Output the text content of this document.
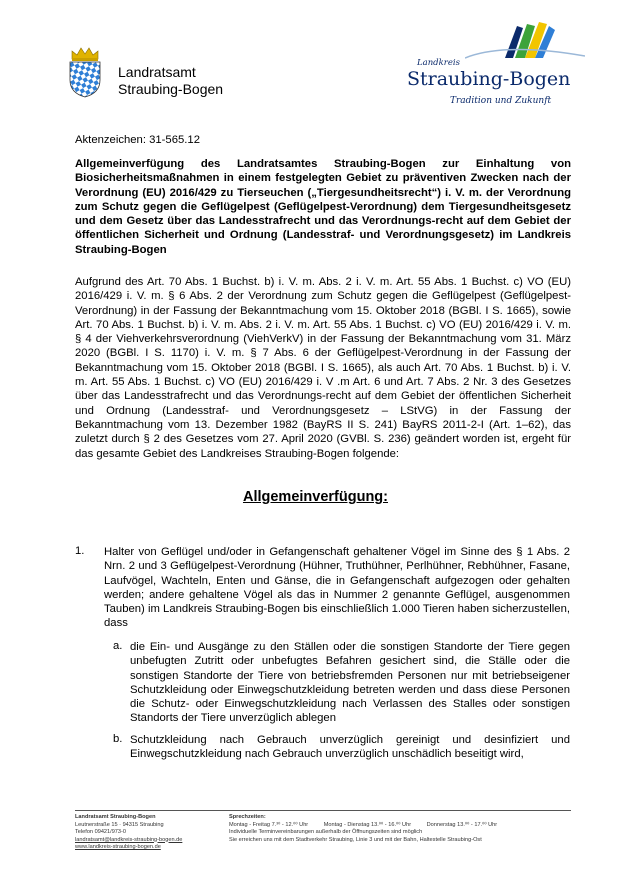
Landratsamt
Straubing-Bogen
Landkreis
Straubing-Bogen
Tradition und Zukunft
Aktenzeichen: 31-565.12
Allgemeinverfügung des Landratsamtes Straubing-Bogen zur Einhaltung von Biosicherheitsmaßnahmen in einem festgelegten Gebiet zu präventiven Zwecken nach der Verordnung (EU) 2016/429 zu Tierseuchen („Tiergesundheitsrecht“) i. V. m. der Verordnung zum Schutz gegen die Geflügelpest (Geflügelpest-Verordnung) dem Tiergesundheitsgesetz und dem Gesetz über das Landesstrafrecht und das Verordnungs-recht auf dem Gebiet der öffentlichen Sicherheit und Ordnung (Landesstraf- und Verordnungsgesetz) im Landkreis Straubing-Bogen
Aufgrund des Art. 70 Abs. 1 Buchst. b) i. V. m. Abs. 2 i. V. m. Art. 55 Abs. 1 Buchst. c) VO (EU) 2016/429 i. V. m. § 6 Abs. 2 der Verordnung zum Schutz gegen die Geflügelpest (Geflügelpest-Verordnung) in der Fassung der Bekanntmachung vom 15. Oktober 2018 (BGBl. I S. 1665), sowie Art. 70 Abs. 1 Buchst. b) i. V. m. Abs. 2 i. V. m. Art. 55 Abs. 1 Buchst. c) VO (EU) 2016/429 i. V. m. § 4 der Viehverkehrsverordnung (ViehVerkV) in der Fassung der Bekanntmachung vom 31. März 2020 (BGBl. I S. 1170) i. V. m. § 7 Abs. 6 der Geflügelpest-Verordnung in der Fassung der Bekanntmachung vom 15. Oktober 2018 (BGBl. I S. 1665), als auch Art. 70 Abs. 1 Buchst. b) i. V. m. Art. 55 Abs. 1 Buchst. c) VO (EU) 2016/429 i. V .m Art. 6 und Art. 7 Abs. 2 Nr. 3 des Gesetzes über das Landesstrafrecht und das Verordnungs-recht auf dem Gebiet der öffentlichen Sicherheit und Ordnung (Landesstraf- und Verordnungsgesetz – LStVG) in der Fassung der Bekanntmachung vom 13. Dezember 1982 (BayRS II S. 241) BayRS 2011-2-I (Art. 1–62), das zuletzt durch § 2 des Gesetzes vom 27. April 2020 (GVBl. S. 236) geändert worden ist, ergeht für das gesamte Gebiet des Landkreises Straubing-Bogen folgende:
Allgemeinverfügung:
1. Halter von Geflügel und/oder in Gefangenschaft gehaltener Vögel im Sinne des § 1 Abs. 2 Nrn. 2 und 3 Geflügelpest-Verordnung (Hühner, Truthühner, Perlhühner, Rebhühner, Fasane, Laufvögel, Wachteln, Enten und Gänse, die in Gefangenschaft aufgezogen oder gehalten werden; andere gehaltene Vögel als das in Nummer 2 genannte Geflügel, ausgenommen Tauben) im Landkreis Straubing-Bogen bis einschließlich 1.000 Tieren haben sicherzustellen, dass
a. die Ein- und Ausgänge zu den Ställen oder die sonstigen Standorte der Tiere gegen unbefugten Zutritt oder unbefugtes Befahren gesichert sind, die Ställe oder die sonstigen Standorte der Tiere von betriebsfremden Personen nur mit betriebseigener Schutzkleidung oder Einwegschutzkleidung betreten werden und dass diese Personen die Schutz- oder Einwegschutzkleidung nach Verlassen des Stalles oder sonstigen Standorts der Tiere unverzüglich ablegen
b. Schutzkleidung nach Gebrauch unverzüglich gereinigt und desinfiziert und Einwegschutzkleidung nach Gebrauch unverzüglich unschädlich beseitigt wird,
Landratsamt Straubing-Bogen
Leutnerstraße 15 · 94315 Straubing
Telefon 09421/973-0
landratsamt@landkreis-straubing-bogen.de
www.landkreis-straubing-bogen.de
Sprechzeiten:
Montag - Freitag 7.³⁰ - 12.⁰⁰ Uhr	Montag - Dienstag 13.⁰⁰ - 16.⁰⁰ Uhr	Donnerstag 13.⁰⁰ - 17.⁰⁰ Uhr
Individuelle Terminvereinbarungen außerhalb der Öffnungszeiten sind möglich
Sie erreichen uns mit dem Stadtverkehr Straubing, Linie 3 und mit der Bahn, Haltestelle Straubing-Ost
